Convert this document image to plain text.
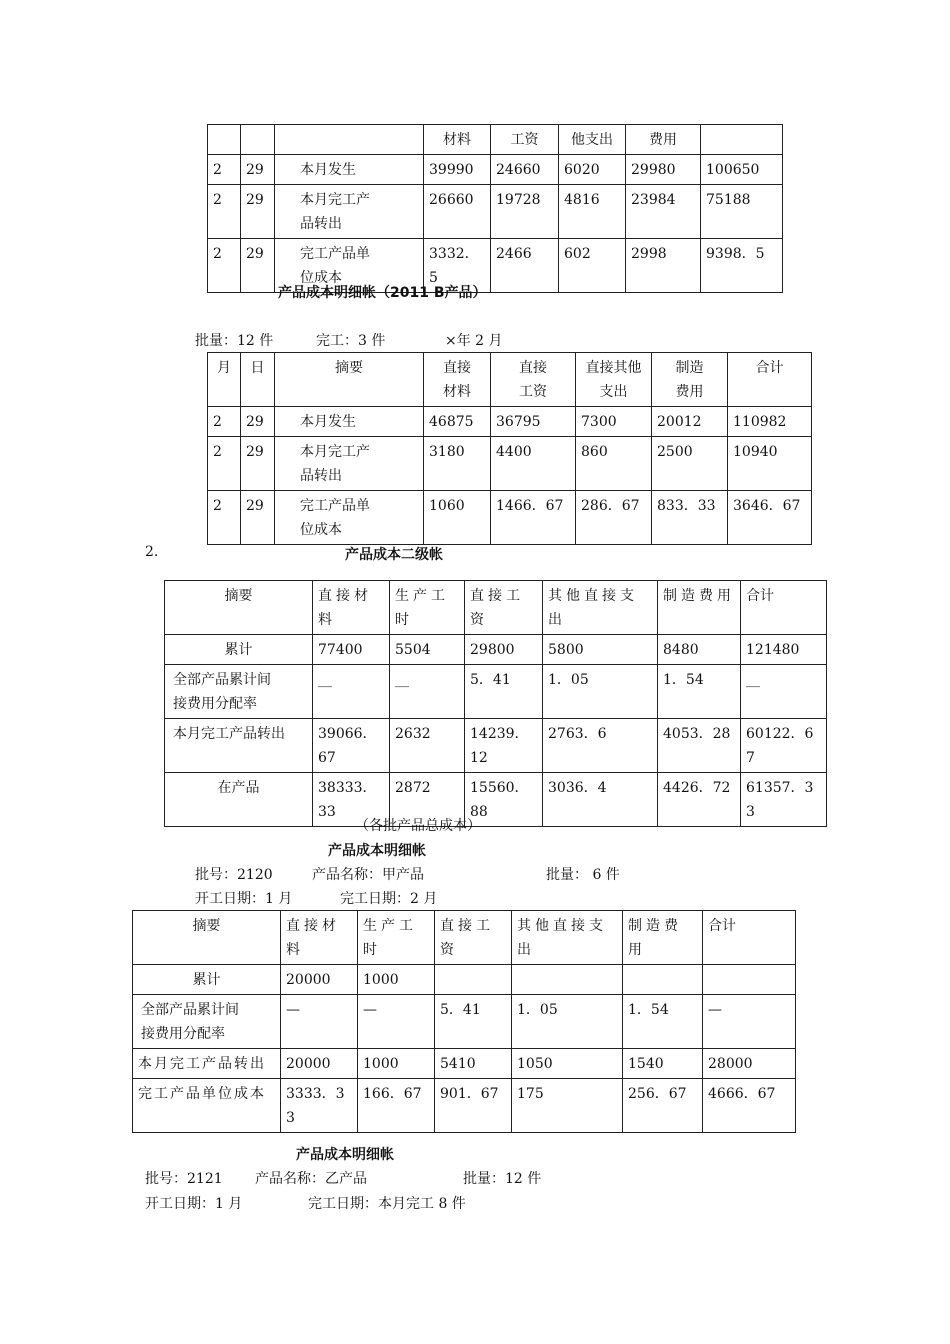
			材料	工资	他支出	费用	
2	29	本月发生	39990	24660	6020	29980	100650
2	29	本月完工产品转出	26660	19728	4816	23984	75188
2	29	完工产品单位成本	3332．5	2466	602	2998	9398．5
产品成本明细帐（2011 B产品）
批量：12 件	完工：3 件	×年 2 月
月	日	摘要	直接材料	直接工资	直接其他支出	制造费用	合计
2	29	本月发生	46875	36795	7300	20012	110982
2	29	本月完工产品转出	3180	4400	860	2500	10940
2	29	完工产品单位成本	1060	1466．67	286．67	833．33	3646．67
2.	产品成本二级帐
摘要	直接材料	生产工时	直接工资	其他直接支出	制造费用	合计
累计	77400	5504	29800	5800	8480	121480
全部产品累计间接费用分配率	__	__	5．41	1．05	1．54	__
本月完工产品转出	39066．67	2632	14239．12	2763．6	4053．28	60122．67
在产品	38333．33	2872	15560．88	3036．4	4426．72	61357．33
（各批产品总成本）
产品成本明细帐
批号：2120	产品名称：甲产品	批量： 6 件
开工日期：1 月	完工日期：2 月
摘要	直接材料	生产工时	直接工资	其他直接支出	制造费用	合计
累计	20000	1000				
全部产品累计间接费用分配率	—	—	5．41	1．05	1．54	—
本月完工产品转出	20000	1000	5410	1050	1540	28000
完工产品单位成本	3333．33	166．67	901．67	175	256．67	4666．67
产品成本明细帐
批号：2121 产品名称：乙产品	批量：12 件
开工日期：1 月	完工日期：本月完工 8 件
